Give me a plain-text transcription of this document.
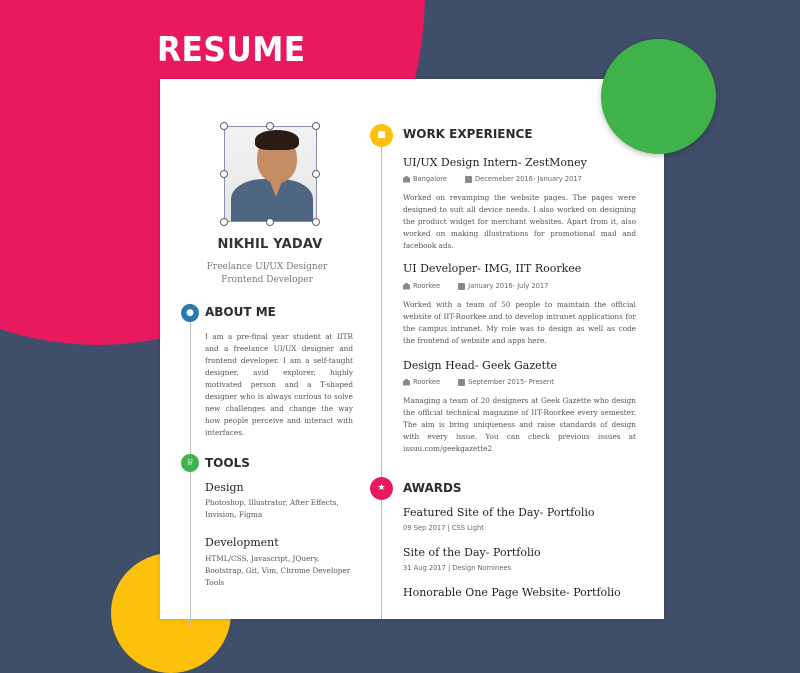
RESUME
NIKHIL YADAV
Freelance UI/UX Designer
Frontend Developer
● ABOUT ME
I am a pre-final year student at IITR and a freelance UI/UX designer and frontend developer. I am a self-taught designer, avid explorer, highly motivated person and a T-shaped designer who is always curious to solve new challenges and change the way how people perceive and interact with interfaces.
♕ TOOLS
Design
Photoshop, Illustrator, After Effects, Invision, Figma
Development
HTML/CSS, Javascript, JQuery, Bootstrap, Git, Vim, Chrome Developer Tools
■	WORK EXPERIENCE
UI/UX Design Intern- ZestMoney
Bangalore	Decemeber 2016- January 2017
Worked on revamping the website pages. The pages were designed to suit all device needs. I also worked on designing the product widget for merchant websites. Apart from it, also worked on making illustrations for promotional mail and facebook ads.
UI Developer- IMG, IIT Roorkee
Roorkee	January 2016- July 2017
Worked with a team of 50 people to maintain the official website of IIT-Roorkee and to develop intranet applications for the campus intranet. My role was to design as well as code the frontend of website and apps here.
Design Head- Geek Gazette
Roorkee	September 2015- Present
Managing a team of 20 designers at Geek Gazette who design the official technical magazine of IIT-Roorkee every semester. The aim is bring uniqueness and raise standards of design with every issue. You can check previous issues at issuu.com/geekgazette2
★	AWARDS
Featured Site of the Day- Portfolio
09 Sep 2017 | CSS Light
Site of the Day- Portfolio
31 Aug 2017 | Design Nominees
Honorable One Page Website- Portfolio
